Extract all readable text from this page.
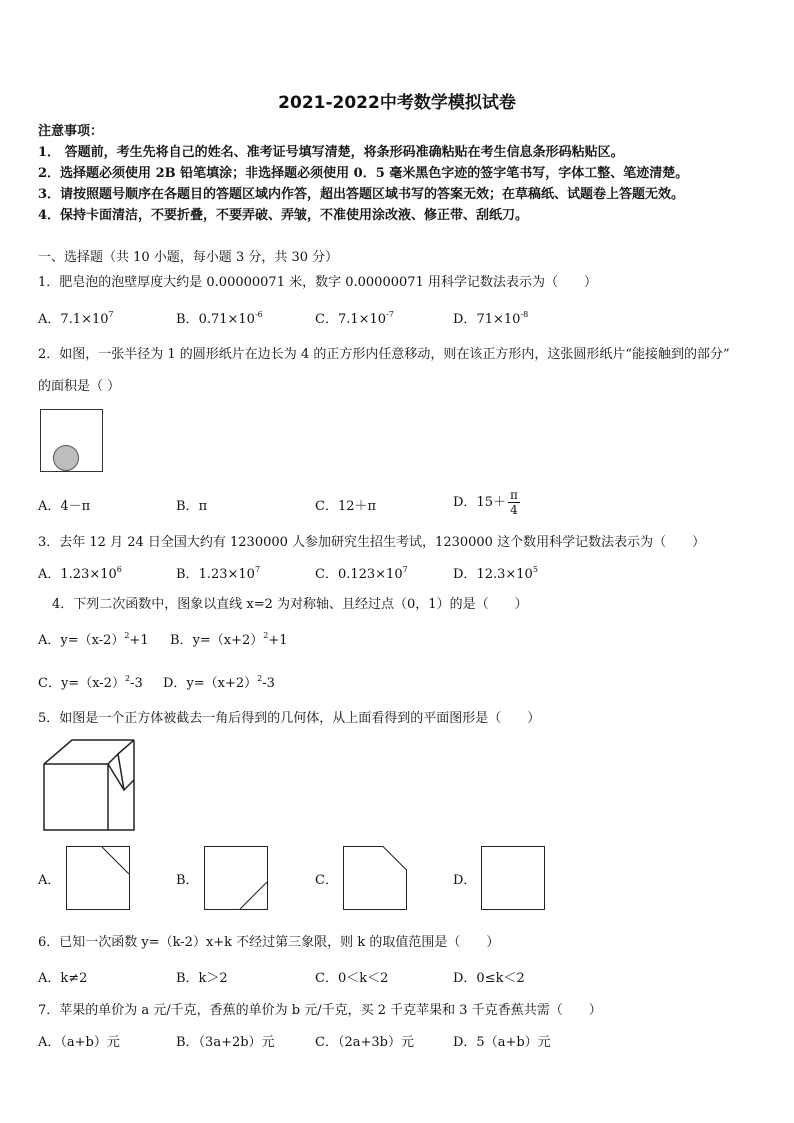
2021-2022中考数学模拟试卷
注意事项：
1． 答题前，考生先将自己的姓名、准考证号填写清楚，将条形码准确粘贴在考生信息条形码粘贴区。
2．选择题必须使用 2B 铅笔填涂；非选择题必须使用 0．5 毫米黑色字迹的签字笔书写，字体工整、笔迹清楚。
3．请按照题号顺序在各题目的答题区域内作答，超出答题区域书写的答案无效；在草稿纸、试题卷上答题无效。
4．保持卡面清洁，不要折叠，不要弄破、弄皱，不准使用涂改液、修正带、刮纸刀。
一、选择题（共 10 小题，每小题 3 分，共 30 分）
1．肥皂泡的泡壁厚度大约是 0.00000071 米，数字 0.00000071 用科学记数法表示为（　　）
A．$7.1\times 10^7$	B．$0.71\times 10^{-6}$	C．$7.1\times 10^{-7}$	D．$71\times 10^{-8}$
2．如图，一张半径为 1 的圆形纸片在边长为 4 的正方形内任意移动，则在该正方形内，这张圆形纸片“能接触到的部分”
的面积是（ ）
A．4－π	B．π	C．12＋π	D．$15+ \frac{\pi}{4}$
3．去年 12 月 24 日全国大约有 1230000 人参加研究生招生考试，1230000 这个数用科学记数法表示为（　　）
A．$1.23\times 10^6$	B．$1.23\times 10^7$	C．$0.123\times 10^7$	D．$12.3\times 10^5$
4．下列二次函数中，图象以直线 x=2 为对称轴、且经过点（0，1）的是（　　）
A．$y=(x-2)^2+1$ B．$y=(x+2)^2+1$
C．$y=(x-2)^2-3$ D．$y=(x+2)^2-3$
5．如图是一个正方体被截去一角后得到的几何体，从上面看得到的平面图形是（　　）
A．	B．	C．	D．
6．已知一次函数 y=（k-2）x+k 不经过第三象限，则 k 的取值范围是（　　）
A．k≠2	B．k＞2	C．0＜k＜2	D．0≤k＜2
7．苹果的单价为 a 元/千克，香蕉的单价为 b 元/千克，买 2 千克苹果和 3 千克香蕉共需（　　）
A．（a+b）元	B．（3a+2b）元	C．（2a+3b）元	D．5（a+b）元
